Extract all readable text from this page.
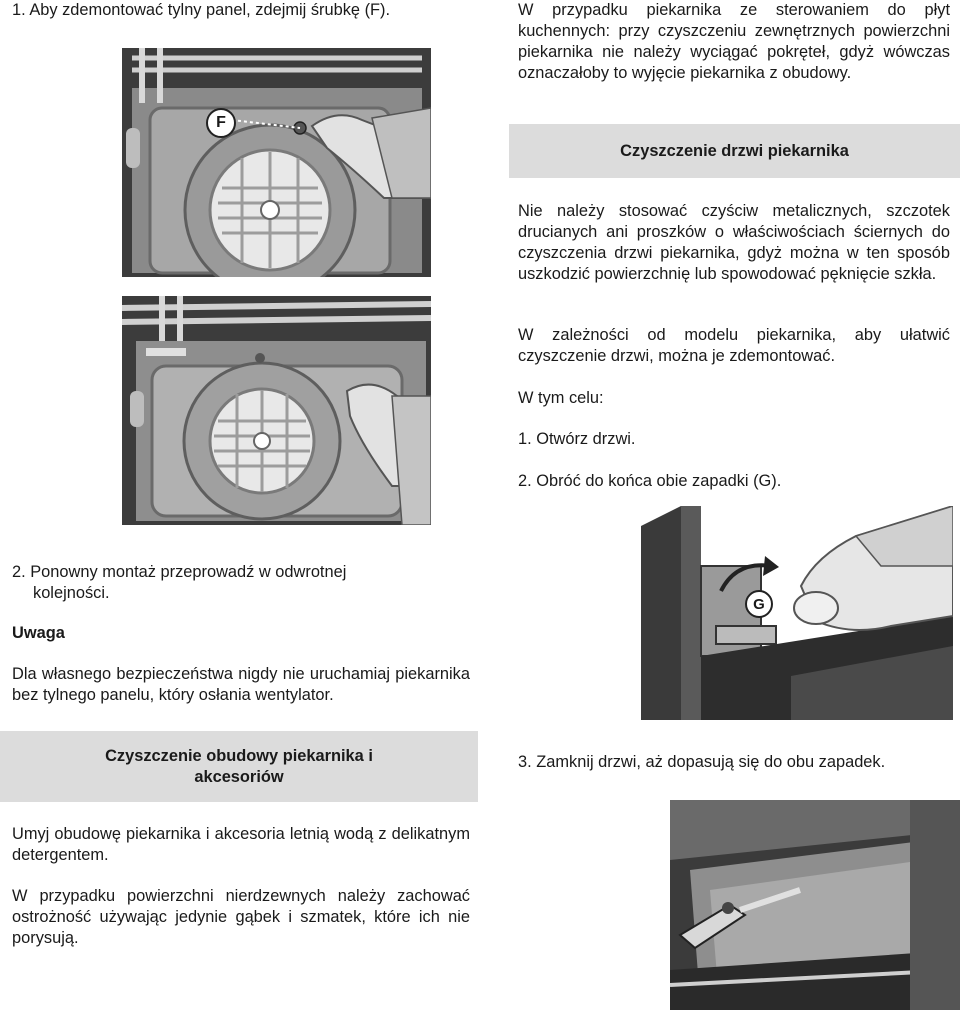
1. Aby zdemontować tylny panel, zdejmij śrubkę (F).

F

2. Ponowny montaż przeprowadź w odwrotnej

kolejności.

Uwaga

Dla własnego bezpieczeństwa nigdy nie uruchamiaj piekarnika bez tylnego panelu, który osłania wentylator.

Czyszczenie obudowy piekarnika i
akcesoriów

Umyj obudowę piekarnika i akcesoria letnią wodą z delikatnym detergentem.

W przypadku powierzchni nierdzewnych należy zachować ostrożność używając jedynie gąbek i szmatek, które ich nie porysują.

W przypadku piekarnika ze sterowaniem do płyt kuchennych: przy czyszczeniu zewnętrznych powierzchni piekarnika nie należy wyciągać pokręteł, gdyż wówczas oznaczałoby to wyjęcie piekarnika z obudowy.

Czyszczenie drzwi piekarnika

Nie należy stosować czyściw metalicznych, szczotek drucianych ani proszków o właściwościach ściernych do czyszczenia drzwi piekarnika, gdyż można w ten sposób uszkodzić powierzchnię lub spowodować pęknięcie szkła.

W zależności od modelu piekarnika, aby ułatwić czyszczenie drzwi, można je zdemontować.

W tym celu:

1. Otwórz drzwi.

2. Obróć do końca obie zapadki (G).

G

3. Zamknij drzwi, aż dopasują się do obu zapadek.
